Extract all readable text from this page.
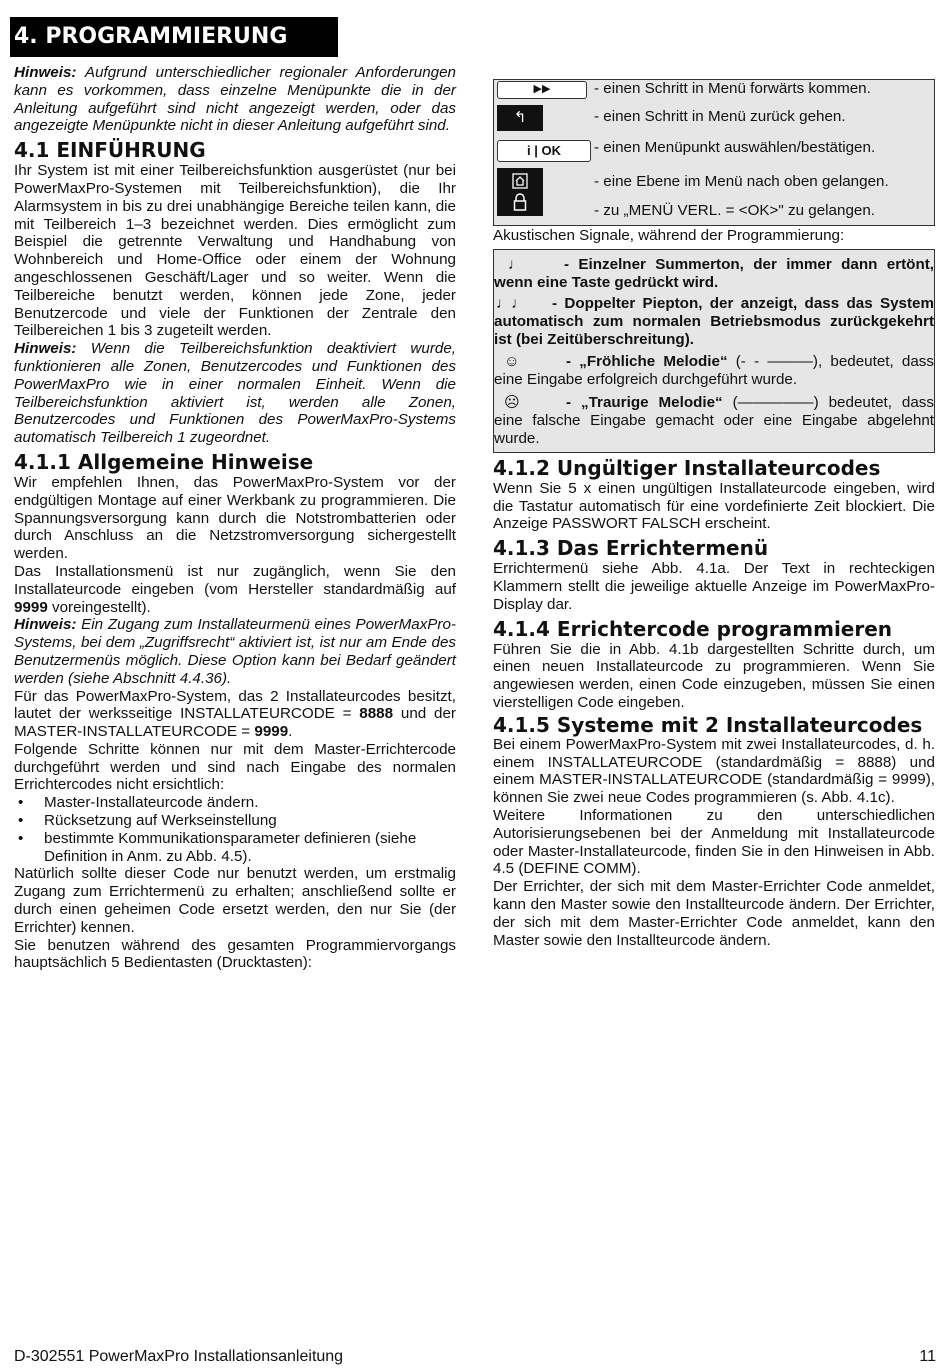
4. PROGRAMMIERUNG

Hinweis: Aufgrund unterschiedlicher regionaler Anforderungen kann es vorkommen, dass einzelne Menüpunkte die in der Anleitung aufgeführt sind nicht angezeigt werden, oder das angezeigte Menüpunkte nicht in dieser Anleitung aufgeführt sind.

4.1 EINFÜHRUNG

Ihr System ist mit einer Teilbereichsfunktion ausgerüstet (nur bei PowerMaxPro-Systemen mit Teilbereichsfunktion), die Ihr Alarmsystem in bis zu drei unabhängige Bereiche teilen kann, die mit Teilbereich 1–3 bezeichnet werden. Dies ermöglicht zum Beispiel die getrennte Verwaltung und Handhabung von Wohnbereich und Home-Office oder einem der Wohnung angeschlossenen Geschäft/Lager und so weiter. Wenn die Teilbereiche benutzt werden, können jede Zone, jeder Benutzercode und viele der Funktionen der Zentrale den Teilbereichen 1 bis 3 zugeteilt werden.

Hinweis: Wenn die Teilbereichsfunktion deaktiviert wurde, funktionieren alle Zonen, Benutzercodes und Funktionen des PowerMaxPro wie in einer normalen Einheit. Wenn die Teilbereichsfunktion aktiviert ist, werden alle Zonen, Benutzercodes und Funktionen des PowerMaxPro-Systems automatisch Teilbereich 1 zugeordnet.

4.1.1 Allgemeine Hinweise

Wir empfehlen Ihnen, das PowerMaxPro-System vor der endgültigen Montage auf einer Werkbank zu programmieren. Die Spannungsversorgung kann durch die Notstrombatterien oder durch Anschluss an die Netzstromversorgung sichergestellt werden.

Das Installationsmenü ist nur zugänglich, wenn Sie den Installateurcode eingeben (vom Hersteller standardmäßig auf 9999 voreingestellt).

Hinweis: Ein Zugang zum Installateurmenü eines PowerMaxPro-Systems, bei dem „Zugriffsrecht“ aktiviert ist, ist nur am Ende des Benutzermenüs möglich. Diese Option kann bei Bedarf geändert werden (siehe Abschnitt 4.4.36).

Für das PowerMaxPro-System, das 2 Installateurcodes besitzt, lautet der werksseitige INSTALLATEURCODE = 8888 und der MASTER-INSTALLATEURCODE = 9999.

Folgende Schritte können nur mit dem Master-Errichtercode durchgeführt werden und sind nach Eingabe des normalen Errichtercodes nicht ersichtlich:

• Master-Installateurcode ändern.
• Rücksetzung auf Werkseinstellung
• bestimmte Kommunikationsparameter definieren (siehe Definition in Anm. zu Abb. 4.5).

Natürlich sollte dieser Code nur benutzt werden, um erstmalig Zugang zum Errichtermenü zu erhalten; anschließend sollte er durch einen geheimen Code ersetzt werden, den nur Sie (der Errichter) kennen.

Sie benutzen während des gesamten Programmiervorgangs hauptsächlich 5 Bedientasten (Drucktasten):

▶▶	- einen Schritt in Menü forwärts kommen.
↰	- einen Schritt in Menü zurück gehen.
i | OK	- einen Menüpunkt auswählen/bestätigen.
- eine Ebene im Menü nach oben gelangen.
- zu „MENÜ VERL. = <OK>" zu gelangen.

Akustischen Signale, während der Programmierung:

♩	- Einzelner Summerton, der immer dann ertönt, wenn eine Taste gedrückt wird.

♩♩ - Doppelter Piepton, der anzeigt, dass das System automatisch zum normalen Betriebsmodus zurückgekehrt ist (bei Zeitüberschreitung).

☺	- „Fröhliche Melodie“ (- - ———), bedeutet, dass eine Eingabe erfolgreich durchgeführt wurde.

☹	- „Traurige Melodie“ (—————) bedeutet, dass eine falsche Eingabe gemacht oder eine Eingabe abgelehnt wurde.

4.1.2 Ungültiger Installateurcodes

Wenn Sie 5 x einen ungültigen Installateurcode eingeben, wird die Tastatur automatisch für eine vordefinierte Zeit blockiert. Die Anzeige PASSWORT FALSCH erscheint.

4.1.3 Das Errichtermenü

Errichtermenü siehe Abb. 4.1a. Der Text in rechteckigen Klammern stellt die jeweilige aktuelle Anzeige im PowerMaxPro-Display dar.

4.1.4 Errichtercode programmieren

Führen Sie die in Abb. 4.1b dargestellten Schritte durch, um einen neuen Installateurcode zu programmieren. Wenn Sie angewiesen werden, einen Code einzugeben, müssen Sie einen vierstelligen Code eingeben.

4.1.5 Systeme mit 2 Installateurcodes

Bei einem PowerMaxPro-System mit zwei Installateurcodes, d. h. einem INSTALLATEURCODE (standardmäßig = 8888) und einem MASTER-INSTALLATEURCODE (standardmäßig = 9999), können Sie zwei neue Codes programmieren (s. Abb. 4.1c).

Weitere Informationen zu den unterschiedlichen Autorisierungsebenen bei der Anmeldung mit Installateurcode oder Master-Installateurcode, finden Sie in den Hinweisen in Abb. 4.5 (DEFINE COMM).

Der Errichter, der sich mit dem Master-Errichter Code anmeldet, kann den Master sowie den Installteurcode ändern. Der Errichter, der sich mit dem Master-Errichter Code anmeldet, kann den Master sowie den Installteurcode ändern.

D-302551 PowerMaxPro Installationsanleitung	11
